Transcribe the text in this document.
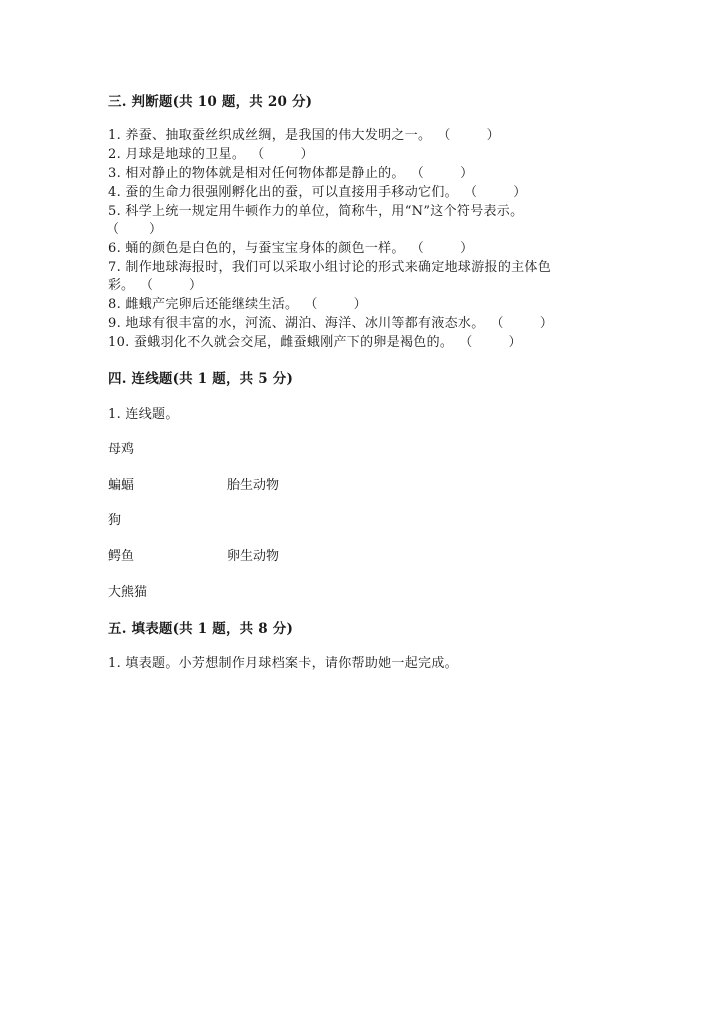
三. 判断题(共 10 题，共 20 分)
1. 养蚕、抽取蚕丝织成丝绸，是我国的伟大发明之一。 （	）
2. 月球是地球的卫星。 （	）
3. 相对静止的物体就是相对任何物体都是静止的。 （	）
4. 蚕的生命力很强刚孵化出的蚕，可以直接用手移动它们。 （	）
5. 科学上统一规定用牛顿作力的单位，简称牛，用“N”这个符号表示。
（ ）
6. 蛹的颜色是白色的，与蚕宝宝身体的颜色一样。 （	）
7. 制作地球海报时，我们可以采取小组讨论的形式来确定地球游报的主体色
彩。 （	）
8. 雌蛾产完卵后还能继续生活。 （	）
9. 地球有很丰富的水，河流、湖泊、海洋、冰川等都有液态水。 （	）
10. 蚕蛾羽化不久就会交尾，雌蚕蛾刚产下的卵是褐色的。 （	）
四. 连线题(共 1 题，共 5 分)
1. 连线题。
母鸡
蝙蝠	胎生动物
狗
鳄鱼	卵生动物
大熊猫
五. 填表题(共 1 题，共 8 分)
1. 填表题。小芳想制作月球档案卡，请你帮助她一起完成。
